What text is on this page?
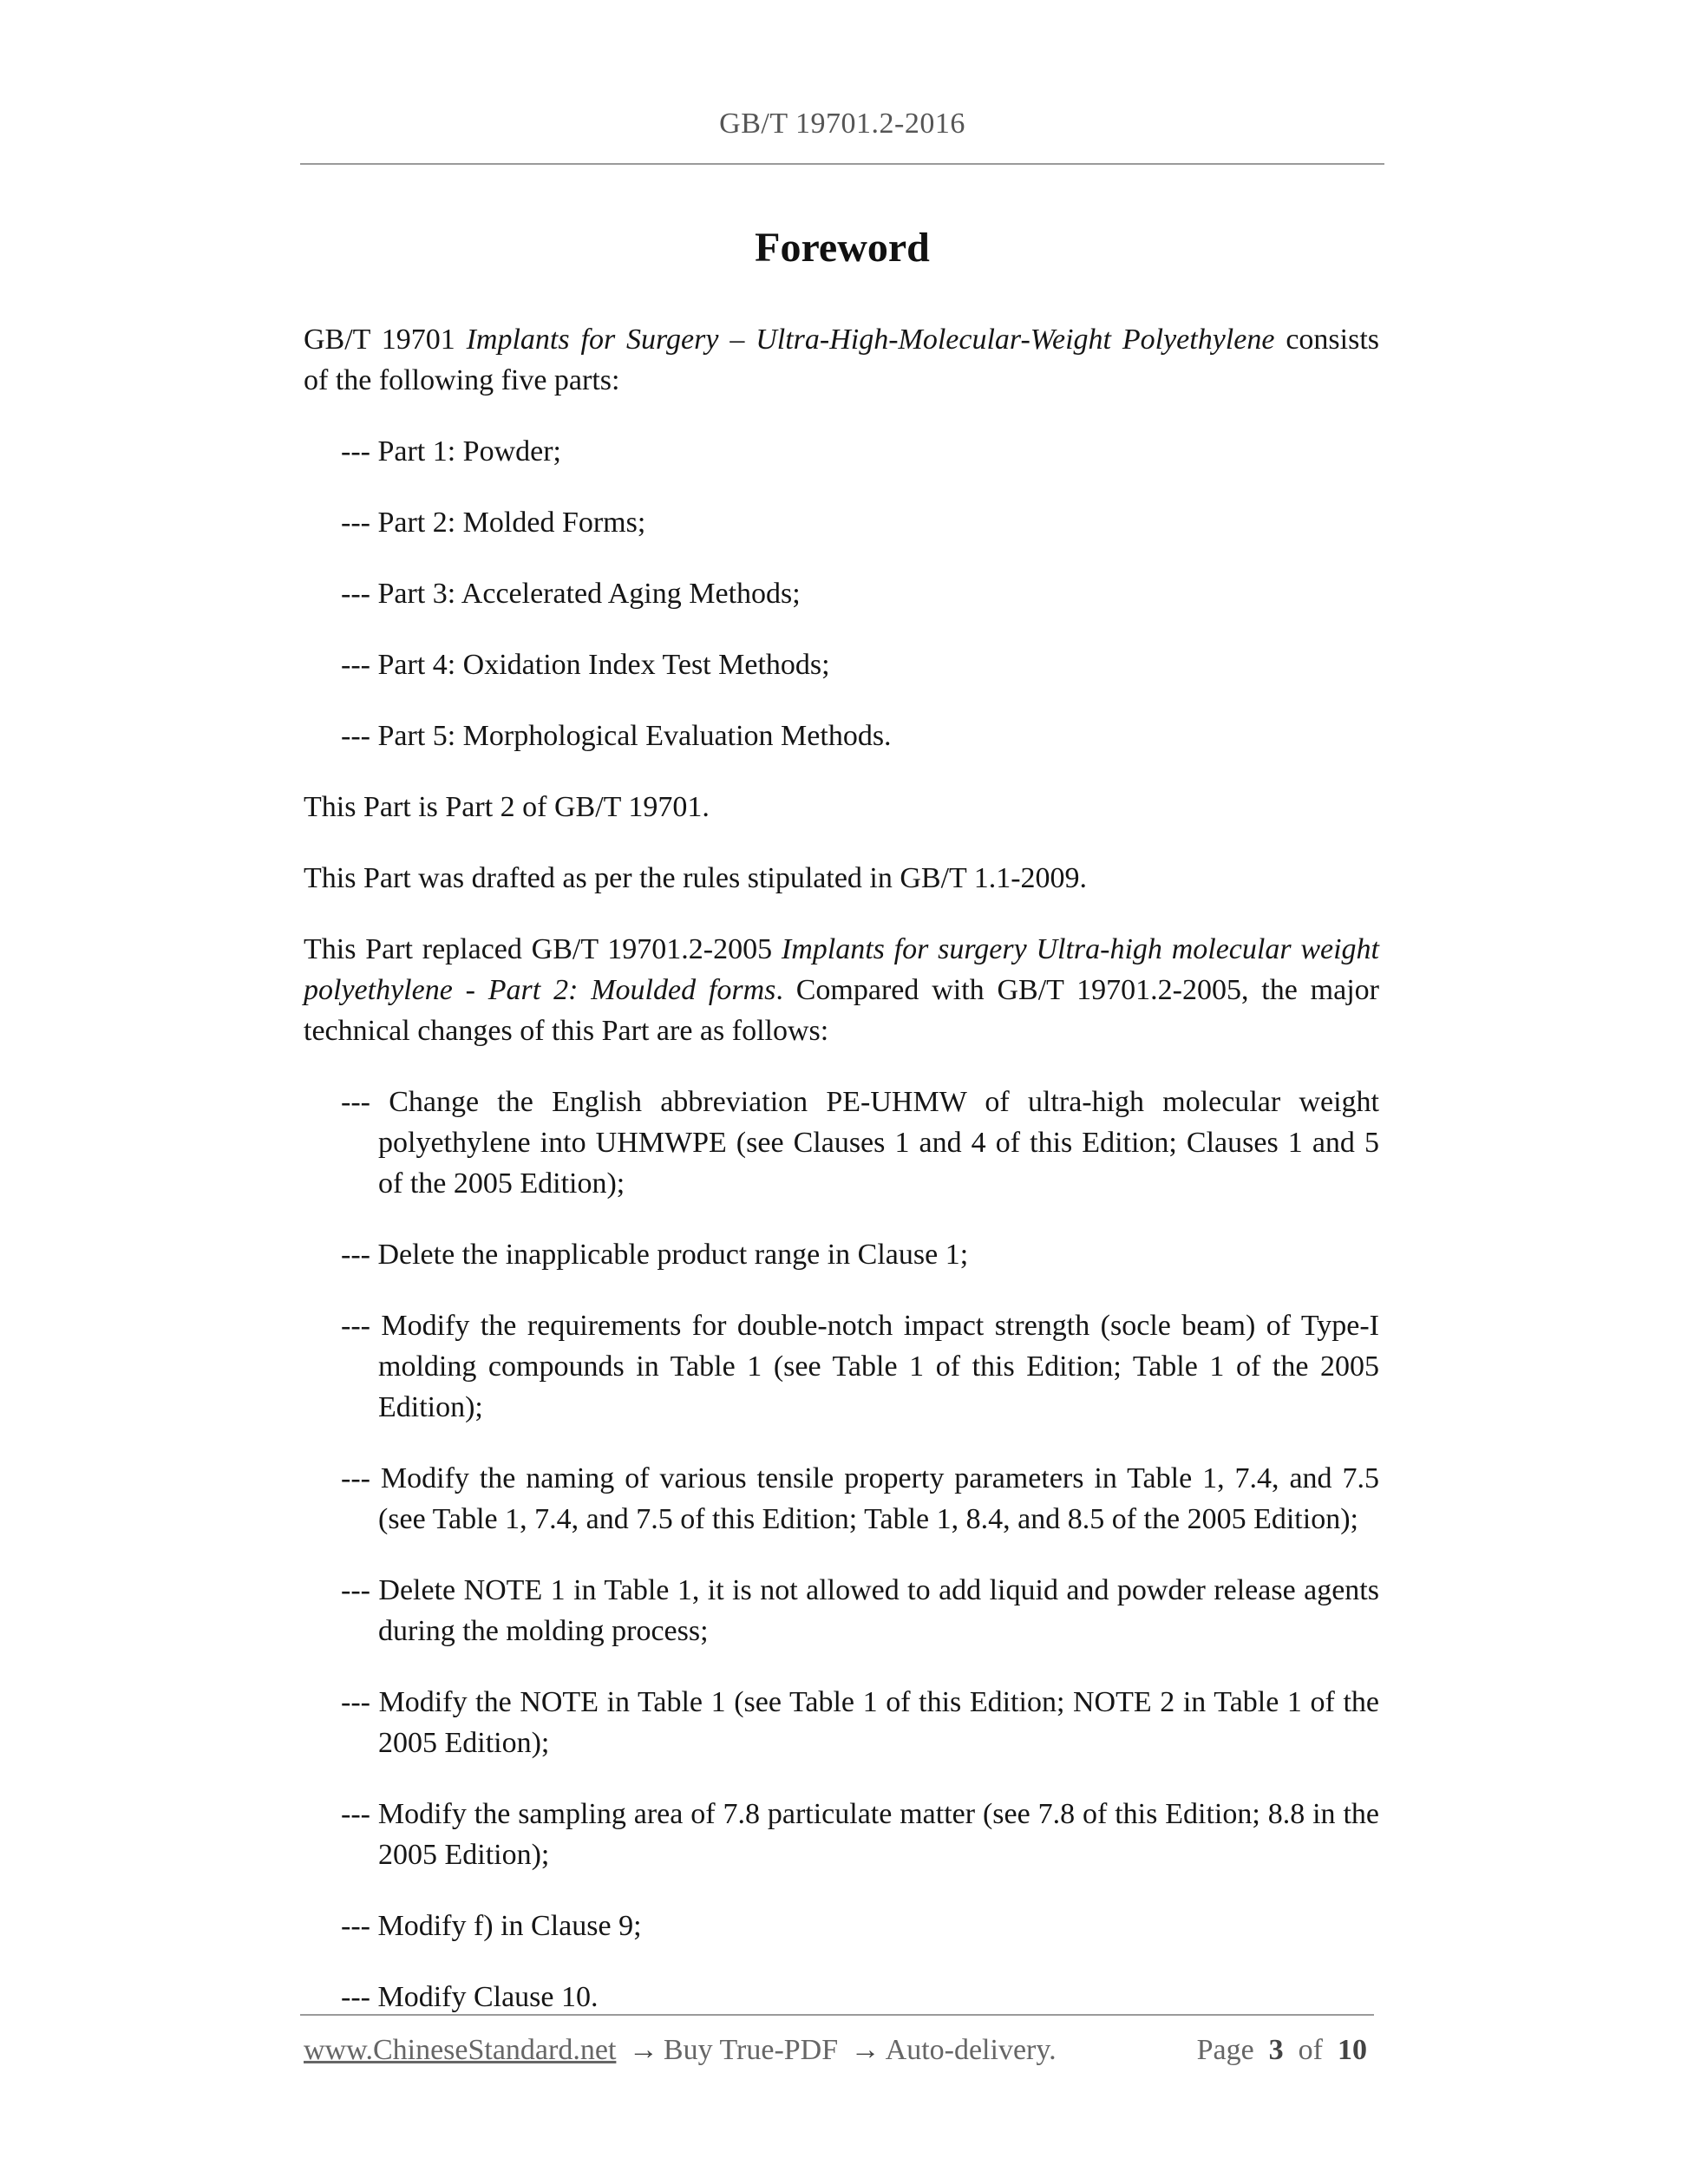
GB/T 19701.2-2016
Foreword

GB/T 19701 Implants for Surgery – Ultra-High-Molecular-Weight Polyethylene consists of the following five parts:

--- Part 1: Powder;

--- Part 2: Molded Forms;

--- Part 3: Accelerated Aging Methods;

--- Part 4: Oxidation Index Test Methods;

--- Part 5: Morphological Evaluation Methods.

This Part is Part 2 of GB/T 19701.

This Part was drafted as per the rules stipulated in GB/T 1.1-2009.

This Part replaced GB/T 19701.2-2005 Implants for surgery Ultra-high molecular weight polyethylene - Part 2: Moulded forms. Compared with GB/T 19701.2-2005, the major technical changes of this Part are as follows:

--- Change the English abbreviation PE-UHMW of ultra-high molecular weight polyethylene into UHMWPE (see Clauses 1 and 4 of this Edition; Clauses 1 and 5 of the 2005 Edition);

--- Delete the inapplicable product range in Clause 1;

--- Modify the requirements for double-notch impact strength (socle beam) of Type-I molding compounds in Table 1 (see Table 1 of this Edition; Table 1 of the 2005 Edition);

--- Modify the naming of various tensile property parameters in Table 1, 7.4, and 7.5 (see Table 1, 7.4, and 7.5 of this Edition; Table 1, 8.4, and 8.5 of the 2005 Edition);

--- Delete NOTE 1 in Table 1, it is not allowed to add liquid and powder release agents during the molding process;

--- Modify the NOTE in Table 1 (see Table 1 of this Edition; NOTE 2 in Table 1 of the 2005 Edition);

--- Modify the sampling area of 7.8 particulate matter (see 7.8 of this Edition; 8.8 in the 2005 Edition);

--- Modify f) in Clause 9;

--- Modify Clause 10.

www.ChineseStandard.net → Buy True-PDF → Auto-delivery.	Page 3 of 10
